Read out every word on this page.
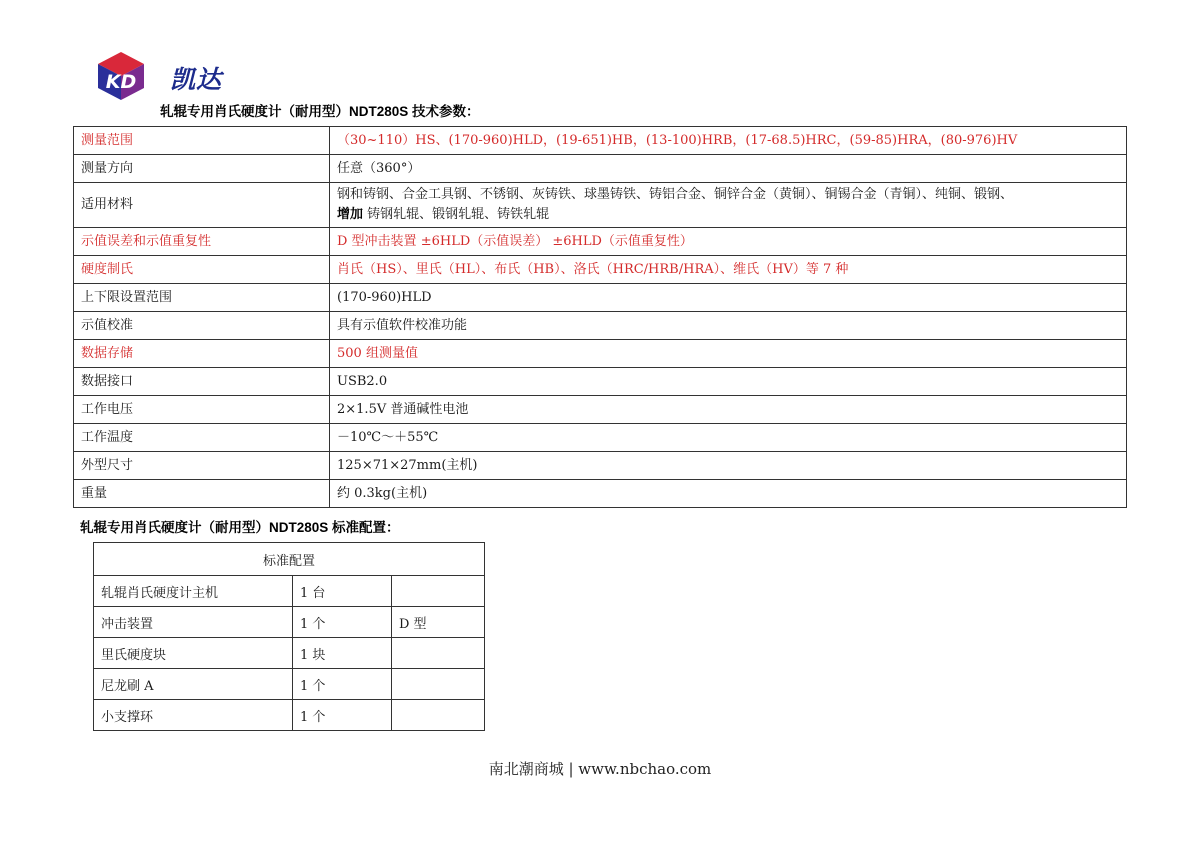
KD 凯达
轧辊专用肖氏硬度计（耐用型）NDT280S 技术参数：
测量范围	（30~110）HS、(170-960)HLD，(19-651)HB，(13-100)HRB，(17-68.5)HRC，(59-85)HRA，(80-976)HV
测量方向	任意（360°）
适用材料	钢和铸钢、合金工具钢、不锈钢、灰铸铁、球墨铸铁、铸铝合金、铜锌合金（黄铜）、铜锡合金（青铜）、纯铜、锻钢、
增加 铸钢轧辊、锻钢轧辊、铸铁轧辊
示值误差和示值重复性	D 型冲击装置 ±6HLD（示值误差） ±6HLD（示值重复性）
硬度制氏	肖氏（HS）、里氏（HL）、布氏（HB）、洛氏（HRC/HRB/HRA）、维氏（HV）等 7 种
上下限设置范围	(170-960)HLD
示值校准	具有示值软件校准功能
数据存储	500 组测量值
数据接口	USB2.0
工作电压	2×1.5V 普通碱性电池
工作温度	－10℃～＋55℃
外型尺寸	125×71×27mm(主机)
重量	约 0.3kg(主机)
轧辊专用肖氏硬度计（耐用型）NDT280S 标准配置：
标准配置		
轧辊肖氏硬度计主机	1 台	
冲击装置	1 个	D 型
里氏硬度块	1 块	
尼龙刷 A	1 个	
小支撑环	1 个	
南北潮商城 | www.nbchao.com
